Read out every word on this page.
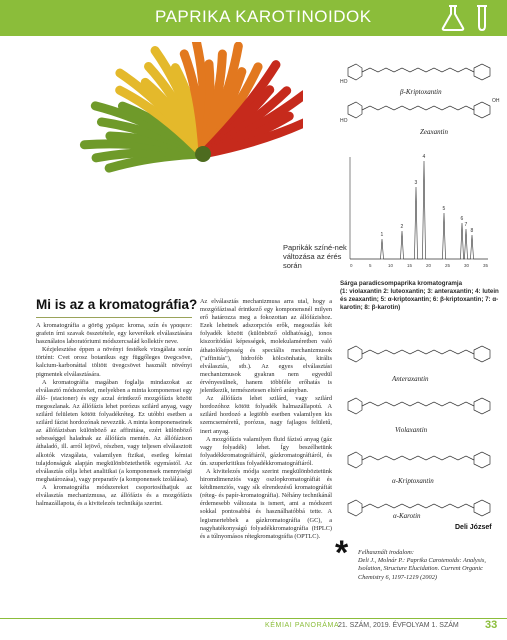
PAPRIKA KAROTINOIDOK
Paprikák színé-nek változása az érés során
HO
β-Kriptoxantin
OH
HO
Zeaxantin
1
2
3
4
5
6
7
8
0	5	10	15	20	25	30	35
Sárga paradicsompaprika kromatogramja
(1: violaxantin 2: luteoxantin; 3: anteraxantin; 4: lutein és zeaxantin; 5: α-kriptoxantin; 6: β-kriptoxantin; 7: α-karotin; 8: β-karotin)
Anteraxantin
Violaxantin
α-Kriptoxantin
α-Karotin
Mi is az a kromatográfia?

A kromatográfia a görög χρῶμα: kroma, szín és γραφειν: grafein írni szavak összetétele, egy keverékek elválasztására használatos laboratóriumi módszercsalád kollektív neve.

Kézjelesztése éppen a növényi festékek vizsgálata során történt: Cvet orosz botanikus egy függőleges üvegcsöve, kalcium-karbonáttal töltött üvegcsövet használt növényi pigmentek elválasztására.

A kromatográfia magában foglalja mindazokat az elválasztó módszereket, melyekben a minta komponensei egy álló- (stacioner) és egy azzal érintkező mozgófázis között megoszlanak. Az állófázis lehet porózus szilárd anyag, vagy szilárd felületen kötött folyadékréteg. Ez utóbbi esetben a szilárd fázist hordozónak nevezzük. A minta komponenseinek az állófázisban különböző az affinitása, ezért különböző sebességgel haladnak az állófázis mentén. Az állófázison áthaladó, ill. arról lejövő, részben, vagy teljesen elválasztott alkotók vizsgálata, valamilyen fizikai, esetleg kémiai tulajdonságuk alapján megkülönböztethetők egymástól. Az elválasztás célja lehet analitikai (a komponensek mennyiségi meghatározása), vagy preparatív (a komponensek izolálása).

A kromatográfia módszereket csoportosíthatjuk az elválasztás mechanizmusa, az állófázis és a mozgófázis halmazállapota, és a kivitelezés technikája szerint.

Az elválasztás mechanizmusa arra utal, hogy a mozgófázissal érintkező egy komponensnél milyen erő határozza meg a fokozottan az állófázishoz. Ezek lehetnek adszorpciós erők, megoszlás két folyadék között (különböző oldhatóság), ionos kiszorítódási képességek, molekulaméretben való áthatolóképesség és speciális mechanizmusok ("affinitás"), hidrofób kölcsönhatás, királis elválasztás, stb.). Az egyes elválasztási mechanizmusok gyakran nem egyedül érvényesülnek, hanem többféle erőhatás is jelentkezik, természetesen eltérő arányban.

Az állófázis lehet szilárd, vagy szilárd hordozóhoz kötött folyadék halmazállapotú. A szilárd hordozó a legtöbb esetben valamilyen kis szemcseméretű, porózus, nagy fajlagos felületű, inert anyag.

A mozgófázis valamilyen fluid fázisú anyag (gáz vagy folyadék) lehet. Így beszélhetünk folyadékkromatográfiáról, gázkromatográfiáról, és ún. szuperkritikus folyadékkromatográfiáról.

A kivitelezés módja szerint megkülönböztetünk hiromdimenziós vagy oszlopkromatográfiát és kétdimenziós, vagy sík elrendezésű kromatográfiát (réteg- és papír-kromatográfia). Néhány technikánál érdemesebb változata is ismert, ami a módszert sokkal pontosabbá és használhatóbbá tette. A legismertebbek a gázkromatográfia (GC), a nagyhatékonyságú folyadékkromatográfia (HPLC) és a túlnyomásos rétegkromatográfia (OPTLC).

Deli József
* Felhasznált irodalom:
Deli J., Molnár P.: Paprika Carotenoids: Analysis, Isolation, Structure Elucidation. Current Organic Chemistry 6, 1197-1219 (2002)
KÉMIAI PANORÁMA
21. SZÁM, 2019. ÉVFOLYAM 1. SZÁM 33
